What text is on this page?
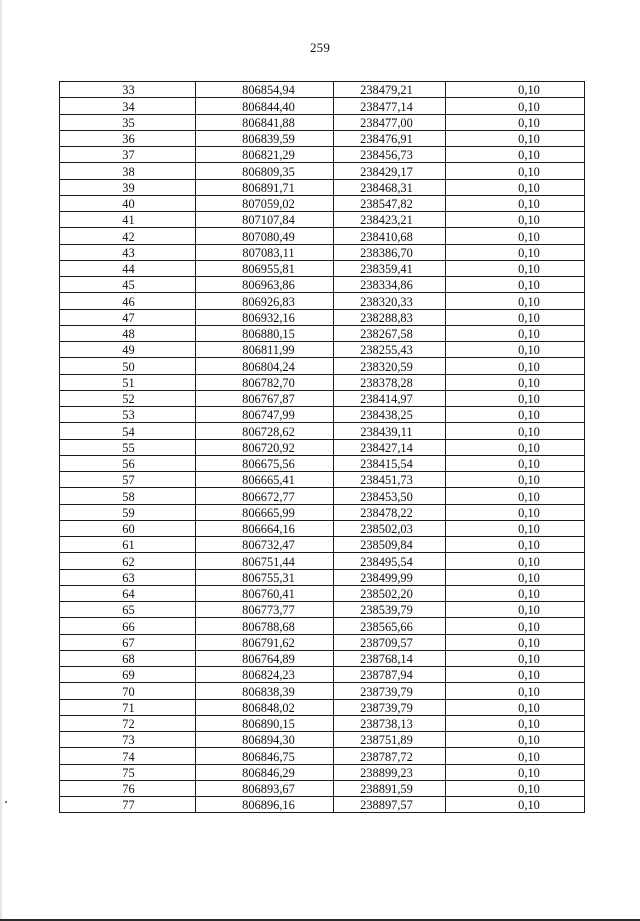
259
33	806854,94	238479,21	0,10
34	806844,40	238477,14	0,10
35	806841,88	238477,00	0,10
36	806839,59	238476,91	0,10
37	806821,29	238456,73	0,10
38	806809,35	238429,17	0,10
39	806891,71	238468,31	0,10
40	807059,02	238547,82	0,10
41	807107,84	238423,21	0,10
42	807080,49	238410,68	0,10
43	807083,11	238386,70	0,10
44	806955,81	238359,41	0,10
45	806963,86	238334,86	0,10
46	806926,83	238320,33	0,10
47	806932,16	238288,83	0,10
48	806880,15	238267,58	0,10
49	806811,99	238255,43	0,10
50	806804,24	238320,59	0,10
51	806782,70	238378,28	0,10
52	806767,87	238414,97	0,10
53	806747,99	238438,25	0,10
54	806728,62	238439,11	0,10
55	806720,92	238427,14	0,10
56	806675,56	238415,54	0,10
57	806665,41	238451,73	0,10
58	806672,77	238453,50	0,10
59	806665,99	238478,22	0,10
60	806664,16	238502,03	0,10
61	806732,47	238509,84	0,10
62	806751,44	238495,54	0,10
63	806755,31	238499,99	0,10
64	806760,41	238502,20	0,10
65	806773,77	238539,79	0,10
66	806788,68	238565,66	0,10
67	806791,62	238709,57	0,10
68	806764,89	238768,14	0,10
69	806824,23	238787,94	0,10
70	806838,39	238739,79	0,10
71	806848,02	238739,79	0,10
72	806890,15	238738,13	0,10
73	806894,30	238751,89	0,10
74	806846,75	238787,72	0,10
75	806846,29	238899,23	0,10
76	806893,67	238891,59	0,10
77	806896,16	238897,57	0,10
